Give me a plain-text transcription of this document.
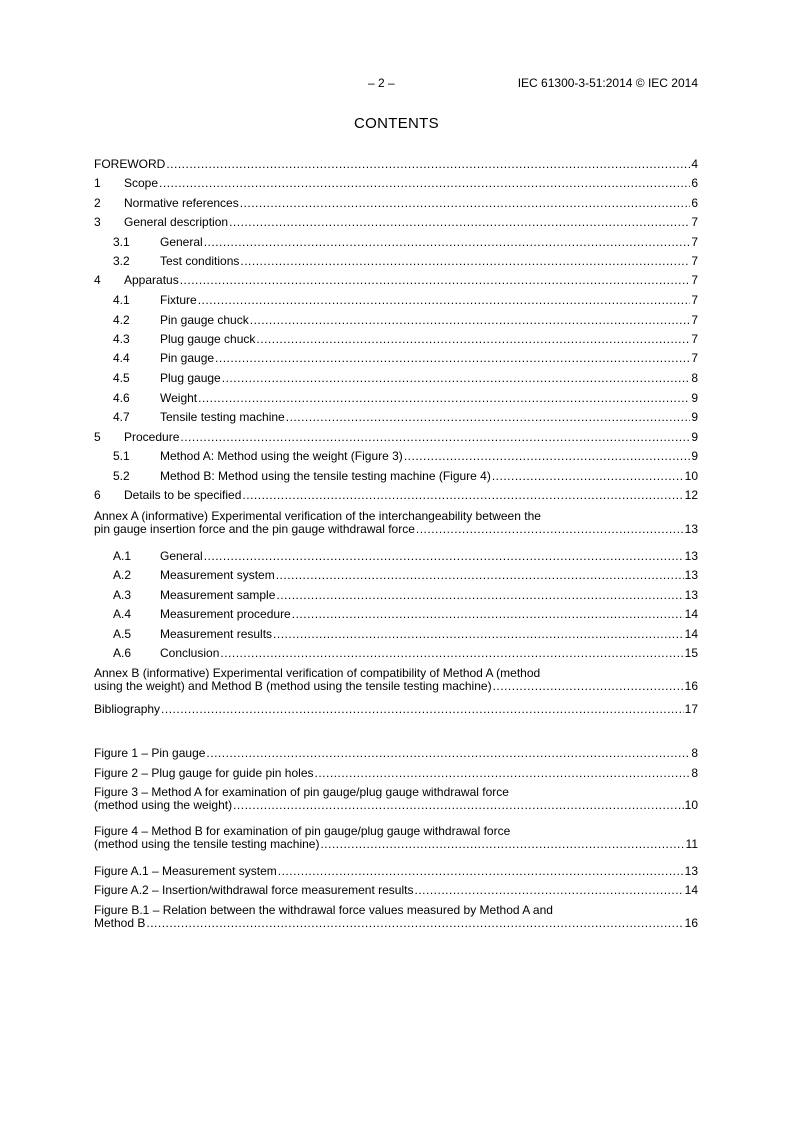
– 2 –	IEC 61300-3-51:2014 © IEC 2014
CONTENTS
FOREWORD .....	4
1	Scope .....	6
2	Normative references .....	6
3	General description .....	7
3.1	General .....	7
3.2	Test conditions .....	7
4	Apparatus .....	7
4.1	Fixture .....	7
4.2	Pin gauge chuck .....	7
4.3	Plug gauge chuck .....	7
4.4	Pin gauge .....	7
4.5	Plug gauge .....	8
4.6	Weight .....	9
4.7	Tensile testing machine .....	9
5	Procedure .....	9
5.1	Method A: Method using the weight (Figure 3) .....	9
5.2	Method B: Method using the tensile testing machine (Figure 4) .....	10
6	Details to be specified .....	12
Annex A (informative) Experimental verification of the interchangeability between the
pin gauge insertion force and the pin gauge withdrawal force .....	13
A.1	General .....	13
A.2	Measurement system .....	13
A.3	Measurement sample .....	13
A.4	Measurement procedure .....	14
A.5	Measurement results .....	14
A.6	Conclusion .....	15
Annex B (informative) Experimental verification of compatibility of Method A (method
using the weight) and Method B (method using the tensile testing machine) .....	16
Bibliography .....	17
Figure 1 – Pin gauge .....	8
Figure 2 – Plug gauge for guide pin holes .....	8
Figure 3 – Method A for examination of pin gauge/plug gauge withdrawal force
(method using the weight) .....	10
Figure 4 – Method B for examination of pin gauge/plug gauge withdrawal force
(method using the tensile testing machine) .....	11
Figure A.1 – Measurement system .....	13
Figure A.2 – Insertion/withdrawal force measurement results .....	14
Figure B.1 – Relation between the withdrawal force values measured by Method A and
Method B .....	16
